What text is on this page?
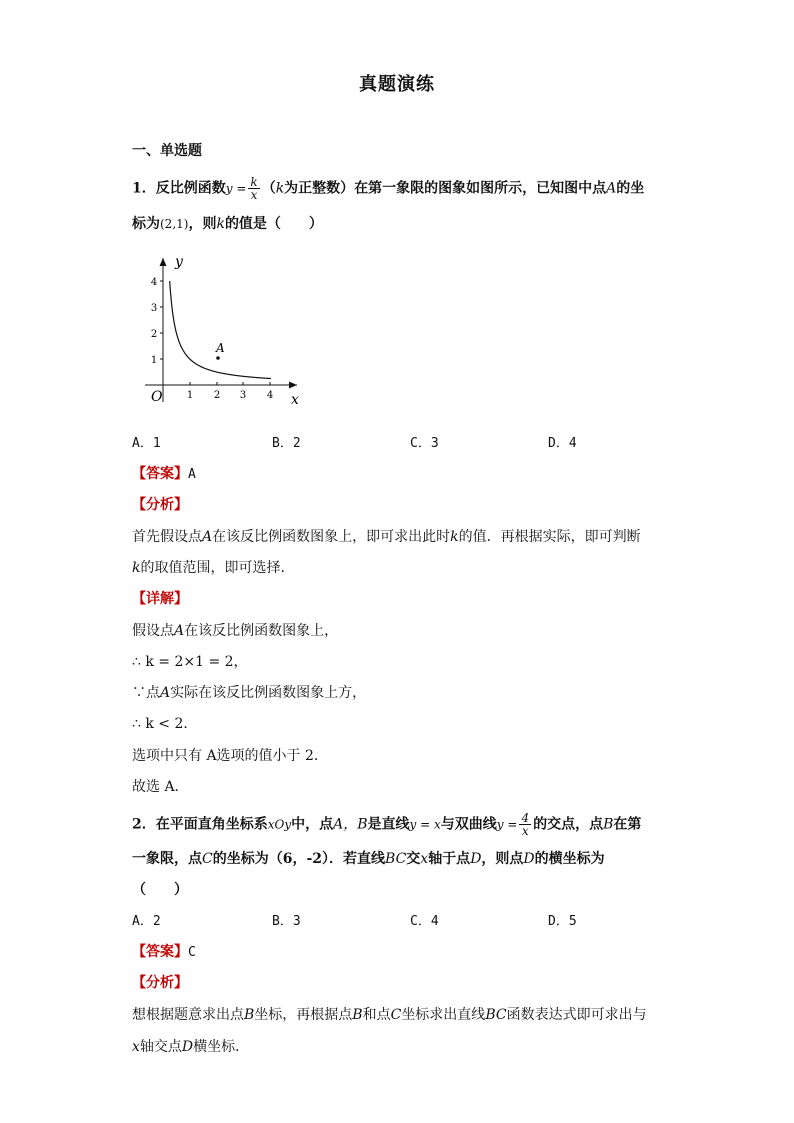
真题演练
一、单选题
1．反比例函数$y = \frac{k}{x} (k$为正整数）在第一象限的图象如图所示，已知图中点A的坐
标为(2,1)，则k的值是（　　）
1
2
3
4
1 2 3 4
y
x
O
A
A．1	B．2	C．3	D．4
【答案】A
【分析】
首先假设点A在该反比例函数图象上，即可求出此时k的值．再根据实际，即可判断
k的取值范围，即可选择．
【详解】
假设点A在该反比例函数图象上，
∴ k = 2×1 = 2，
∵点A实际在该反比例函数图象上方，
∴ k < 2．
选项中只有 A选项的值小于 2．
故选 A．
2．在平面直角坐标系xOy中，点A，B是直线y = x与双曲线$y = \frac{4}{x}$ 的交点，点B在第
一象限，点C的坐标为（6，-2）．若直线BC交x轴于点D，则点D的横坐标为
（　　）
A．2	B．3	C．4	D．5
【答案】C
【分析】
想根据题意求出点B坐标，再根据点B和点C坐标求出直线BC函数表达式即可求出与
x轴交点D横坐标．
